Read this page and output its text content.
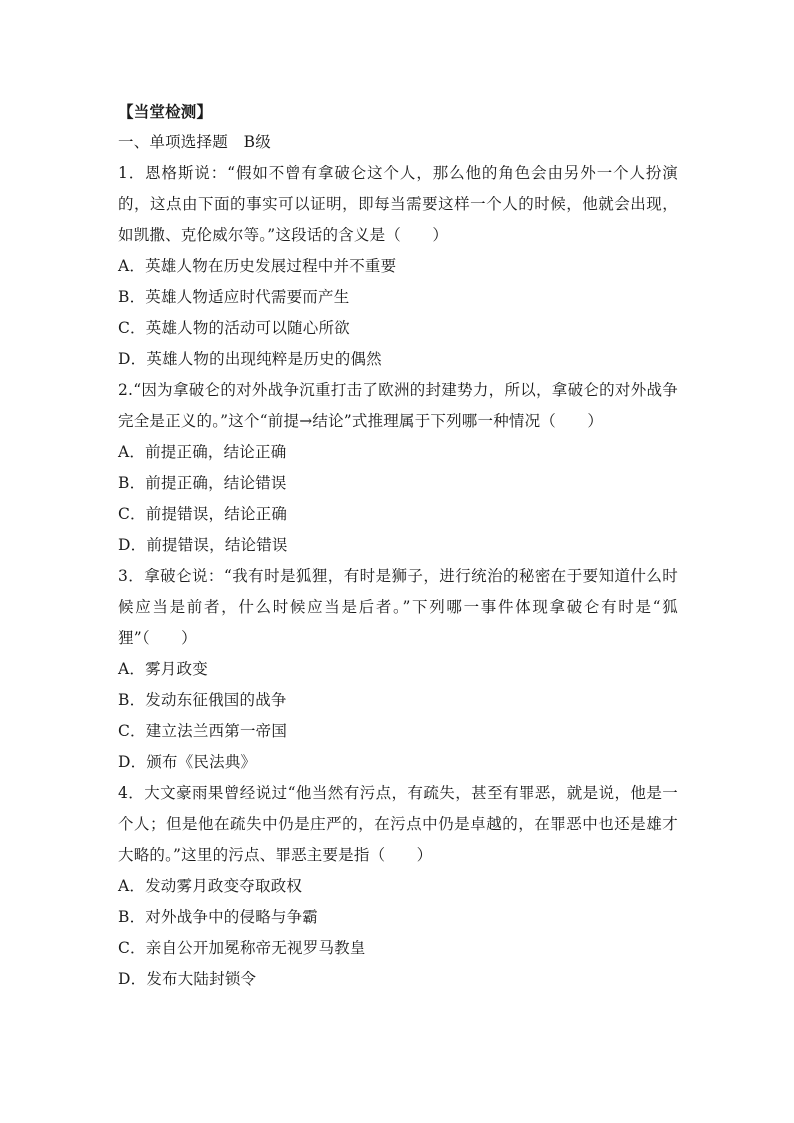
【当堂检测】
一、单项选择题　B级
1．恩格斯说：“假如不曾有拿破仑这个人，那么他的角色会由另外一个人扮演的，这点由下面的事实可以证明，即每当需要这样一个人的时候，他就会出现，如凯撒、克伦威尔等。”这段话的含义是（　　）
A．英雄人物在历史发展过程中并不重要
B．英雄人物适应时代需要而产生
C．英雄人物的活动可以随心所欲
D．英雄人物的出现纯粹是历史的偶然
2.“因为拿破仑的对外战争沉重打击了欧洲的封建势力，所以，拿破仑的对外战争完全是正义的。”这个“前提→结论”式推理属于下列哪一种情况（　　）
A．前提正确，结论正确
B．前提正确，结论错误
C．前提错误，结论正确
D．前提错误，结论错误
3．拿破仑说：“我有时是狐狸，有时是狮子，进行统治的秘密在于要知道什么时候应当是前者，什么时候应当是后者。”下列哪一事件体现拿破仑有时是“狐狸”（　　）
A．雾月政变
B．发动东征俄国的战争
C．建立法兰西第一帝国
D．颁布《民法典》
4．大文豪雨果曾经说过“他当然有污点，有疏失，甚至有罪恶，就是说，他是一个人；但是他在疏失中仍是庄严的，在污点中仍是卓越的，在罪恶中也还是雄才大略的。”这里的污点、罪恶主要是指（　　）
A．发动雾月政变夺取政权
B．对外战争中的侵略与争霸
C．亲自公开加冕称帝无视罗马教皇
D．发布大陆封锁令
